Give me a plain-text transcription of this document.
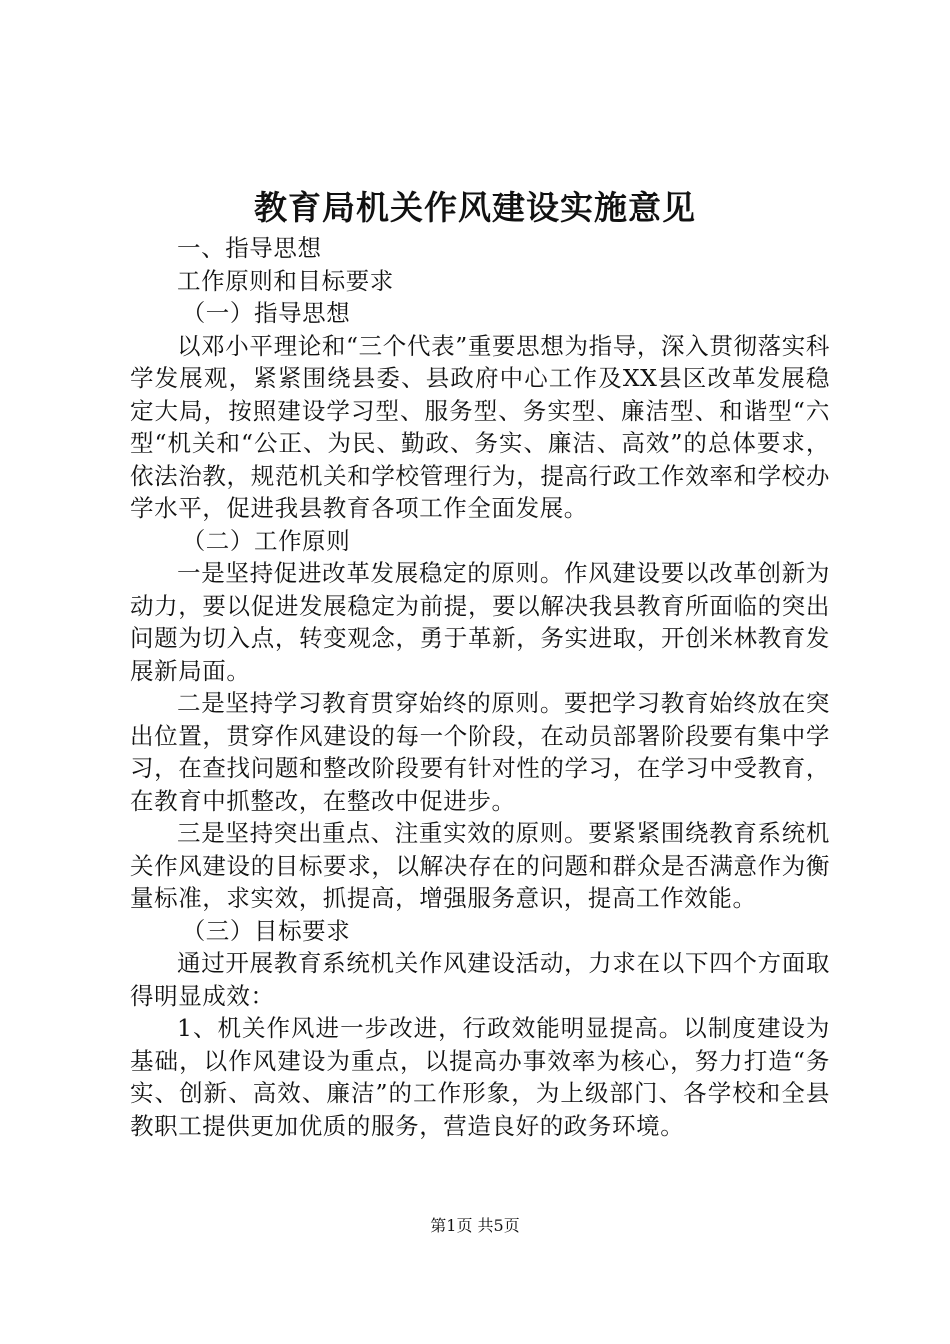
教育局机关作风建设实施意见

一、指导思想

工作原则和目标要求

（一）指导思想

以邓小平理论和“三个代表”重要思想为指导，深入贯彻落实科学发展观，紧紧围绕县委、县政府中心工作及XX县区改革发展稳定大局，按照建设学习型、服务型、务实型、廉洁型、和谐型“六型“机关和“公正、为民、勤政、务实、廉洁、高效”的总体要求，依法治教，规范机关和学校管理行为，提高行政工作效率和学校办学水平，促进我县教育各项工作全面发展。

（二）工作原则

一是坚持促进改革发展稳定的原则。作风建设要以改革创新为动力，要以促进发展稳定为前提，要以解决我县教育所面临的突出问题为切入点，转变观念，勇于革新，务实进取，开创米林教育发展新局面。

二是坚持学习教育贯穿始终的原则。要把学习教育始终放在突出位置，贯穿作风建设的每一个阶段，在动员部署阶段要有集中学习，在查找问题和整改阶段要有针对性的学习，在学习中受教育，在教育中抓整改，在整改中促进步。

三是坚持突出重点、注重实效的原则。要紧紧围绕教育系统机关作风建设的目标要求，以解决存在的问题和群众是否满意作为衡量标准，求实效，抓提高，增强服务意识，提高工作效能。

（三）目标要求

通过开展教育系统机关作风建设活动，力求在以下四个方面取得明显成效：

1、机关作风进一步改进，行政效能明显提高。以制度建设为基础，以作风建设为重点，以提高办事效率为核心，努力打造“务实、创新、高效、廉洁”的工作形象，为上级部门、各学校和全县教职工提供更加优质的服务，营造良好的政务环境。

第1页 共5页
